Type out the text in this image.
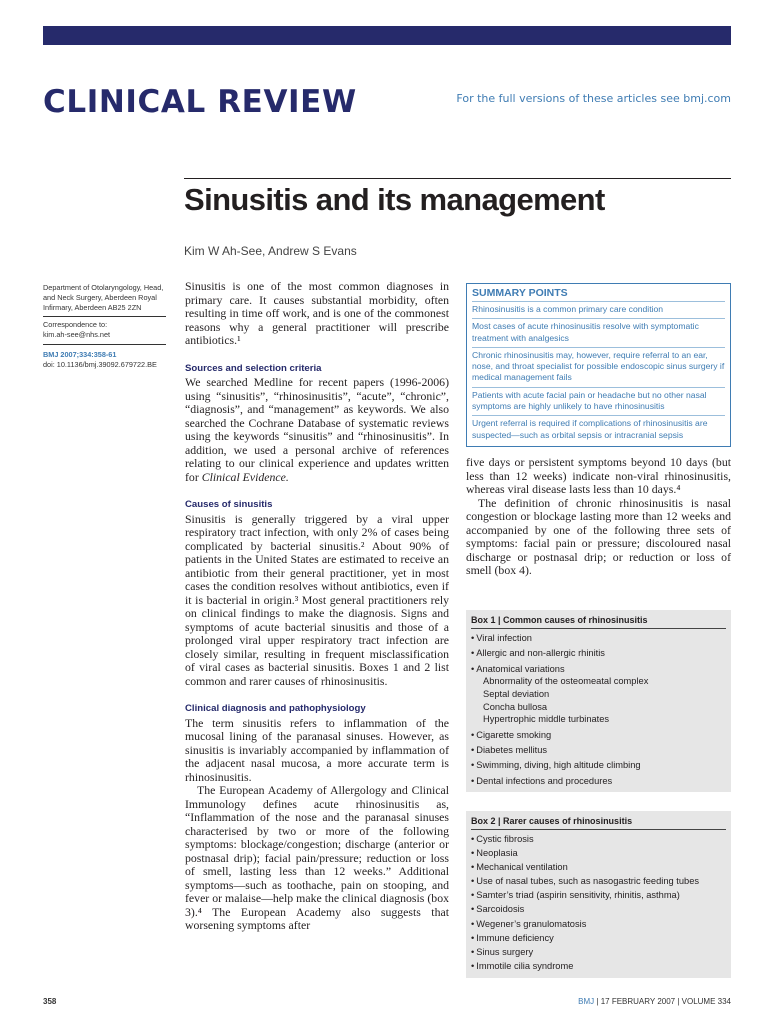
CLINICAL REVIEW	For the full versions of these articles see bmj.com
Sinusitis and its management
Kim W Ah-See, Andrew S Evans
Department of Otolaryngology, Head, and Neck Surgery, Aberdeen Royal Infirmary, Aberdeen AB25 2ZN
Correspondence to:
kim.ah-see@nhs.net
BMJ 2007;334:358-61
doi: 10.1136/bmj.39092.679722.BE

Sinusitis is one of the most common diagnoses in primary care. It causes substantial morbidity, often resulting in time off work, and is one of the commonest reasons why a general practitioner will prescribe antibiotics.¹

Sources and selection criteria

We searched Medline for recent papers (1996-2006) using “sinusitis”, “rhinosinusitis”, “acute”, “chronic”, “diagnosis”, and “management” as keywords. We also searched the Cochrane Database of systematic reviews using the keywords “sinusitis” and “rhinosinusitis”. In addition, we used a personal archive of references relating to our clinical experience and updates written for Clinical Evidence.

Causes of sinusitis

Sinusitis is generally triggered by a viral upper respiratory tract infection, with only 2% of cases being complicated by bacterial sinusitis.² About 90% of patients in the United States are estimated to receive an antibiotic from their general practitioner, yet in most cases the condition resolves without antibiotics, even if it is bacterial in origin.³ Most general practitioners rely on clinical findings to make the diagnosis. Signs and symptoms of acute bacterial sinusitis and those of a prolonged viral upper respiratory tract infection are closely similar, resulting in frequent misclassification of viral cases as bacterial sinusitis. Boxes 1 and 2 list common and rarer causes of rhinosinusitis.

Clinical diagnosis and pathophysiology

The term sinusitis refers to inflammation of the mucosal lining of the paranasal sinuses. However, as sinusitis is invariably accompanied by inflammation of the adjacent nasal mucosa, a more accurate term is rhinosinusitis.

The European Academy of Allergology and Clinical Immunology defines acute rhinosinusitis as, “Inflammation of the nose and the paranasal sinuses characterised by two or more of the following symptoms: blockage/congestion; discharge (anterior or postnasal drip); facial pain/pressure; reduction or loss of smell, lasting less than 12 weeks.” Additional symptoms—such as toothache, pain on stooping, and fever or malaise—help make the clinical diagnosis (box 3).⁴ The European Academy also suggests that worsening symptoms after

SUMMARY POINTS
Rhinosinusitis is a common primary care condition
Most cases of acute rhinosinusitis resolve with symptomatic treatment with analgesics
Chronic rhinosinusitis may, however, require referral to an ear, nose, and throat specialist for possible endoscopic sinus surgery if medical management fails
Patients with acute facial pain or headache but no other nasal symptoms are highly unlikely to have rhinosinusitis
Urgent referral is required if complications of rhinosinusitis are suspected—such as orbital sepsis or intracranial sepsis

five days or persistent symptoms beyond 10 days (but less than 12 weeks) indicate non-viral rhinosinusitis, whereas viral disease lasts less than 10 days.⁴

The definition of chronic rhinosinusitis is nasal congestion or blockage lasting more than 12 weeks and accompanied by one of the following three sets of symptoms: facial pain or pressure; discoloured nasal discharge or postnasal drip; or reduction or loss of smell (box 4).

Box 1 | Common causes of rhinosinusitis
• Viral infection
• Allergic and non-allergic rhinitis
• Anatomical variations
Abnormality of the osteomeatal complex
Septal deviation
Concha bullosa
Hypertrophic middle turbinates
• Cigarette smoking
• Diabetes mellitus
• Swimming, diving, high altitude climbing
• Dental infections and procedures
Box 2 | Rarer causes of rhinosinusitis
• Cystic fibrosis
• Neoplasia
• Mechanical ventilation
• Use of nasal tubes, such as nasogastric feeding tubes
• Samter’s triad (aspirin sensitivity, rhinitis, asthma)
• Sarcoidosis
• Wegener’s granulomatosis
• Immune deficiency
• Sinus surgery
• Immotile cilia syndrome
358	BMJ | 17 FEBRUARY 2007 | VOLUME 334
